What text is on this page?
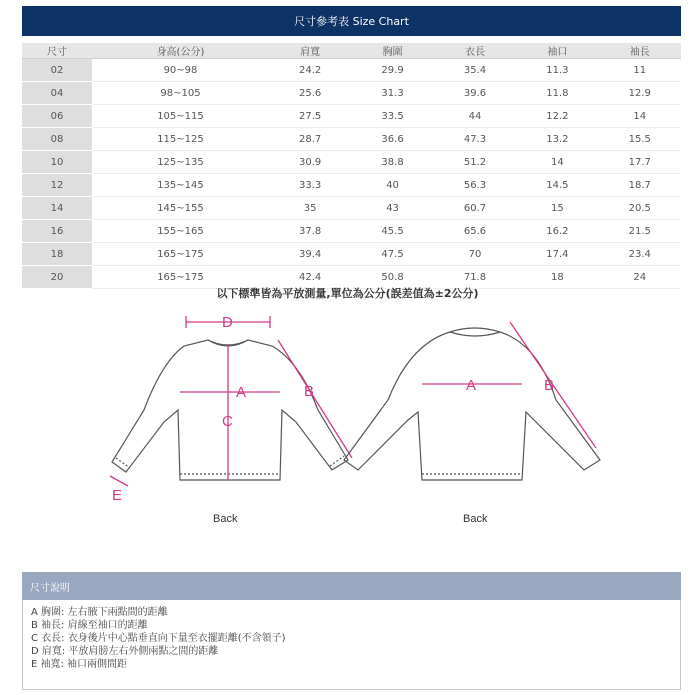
尺寸參考表 Size Chart
尺寸	身高(公分)	肩寬	胸圍	衣長	袖口	袖長
02	90~98	24.2	29.9	35.4	11.3	11
04	98~105	25.6	31.3	39.6	11.8	12.9
06	105~115	27.5	33.5	44	12.2	14
08	115~125	28.7	36.6	47.3	13.2	15.5
10	125~135	30.9	38.8	51.2	14	17.7
12	135~145	33.3	40	56.3	14.5	18.7
14	145~155	35	43	60.7	15	20.5
16	155~165	37.8	45.5	65.6	16.2	21.5
18	165~175	39.4	47.5	70	17.4	23.4
20	165~175	42.4	50.8	71.8	18	24
以下標準皆為平放測量,單位為公分(誤差值為±2公分)
D
A
C
B
E
Back
A	B
Back
尺寸說明
A 胸圍: 左右腋下兩點間的距離
B 袖長: 肩線至袖口的距離
C 衣長: 衣身後片中心點垂直向下量至衣擺距離(不含領子)
D 肩寬: 平放肩膀左右外側兩點之間的距離
E 袖寬: 袖口兩側間距
